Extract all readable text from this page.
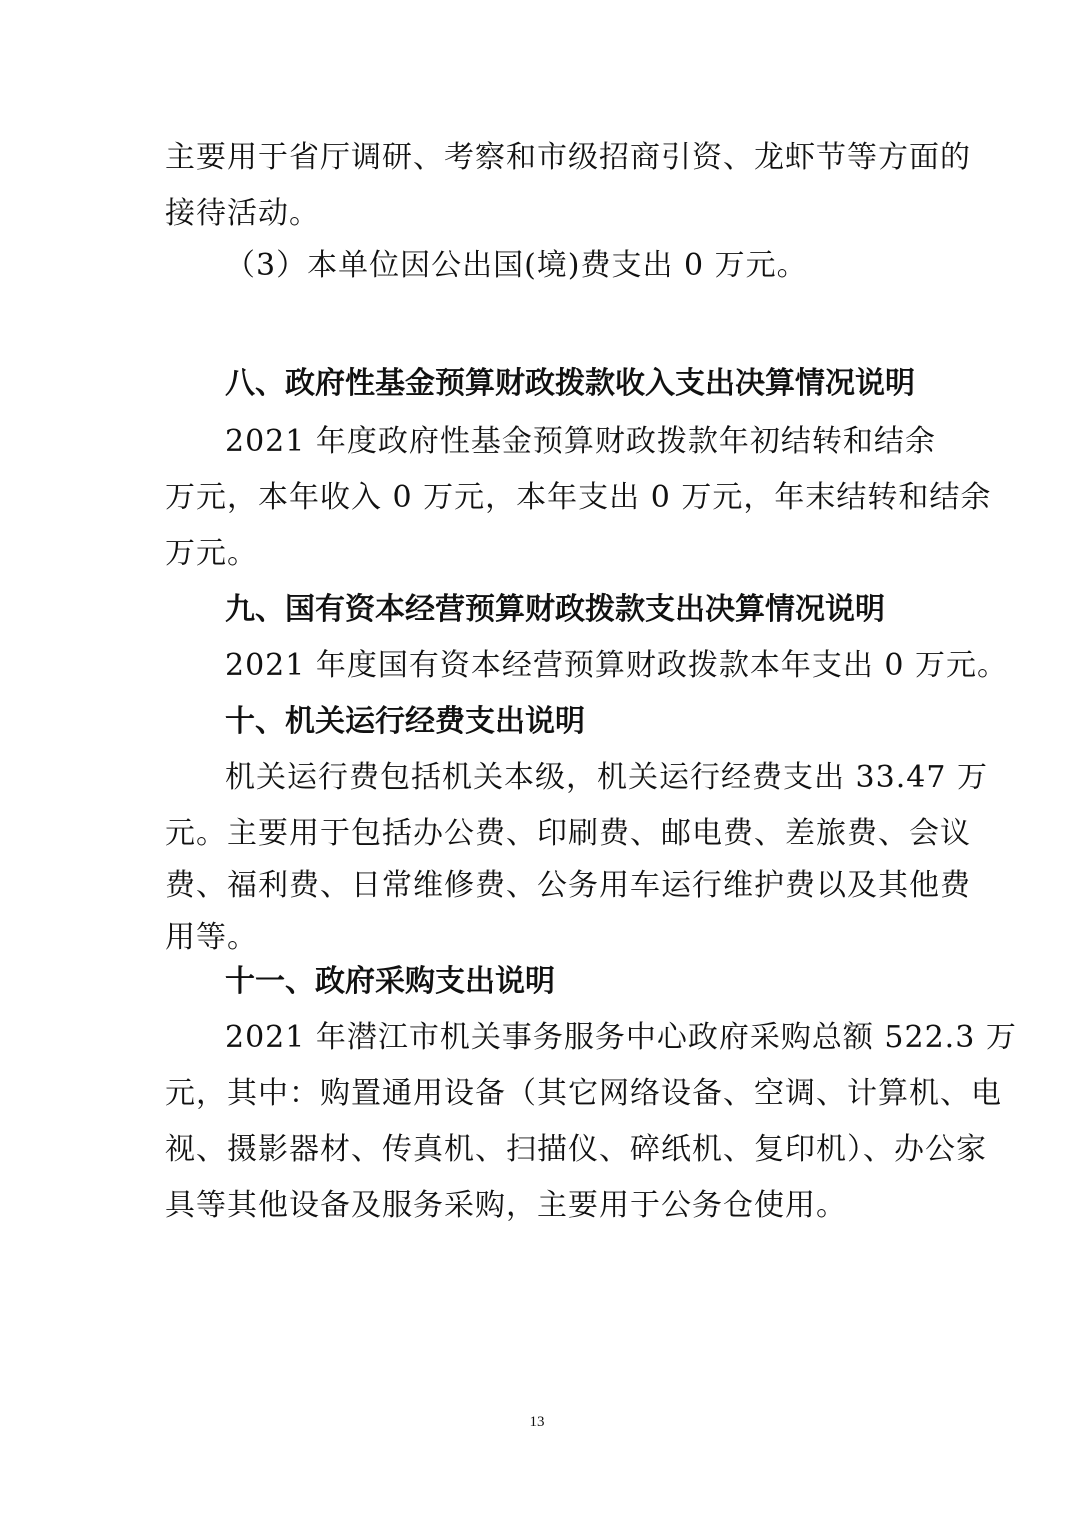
主要用于省厅调研、考察和市级招商引资、龙虾节等方面的
接待活动。
（3）本单位因公出国(境)费支出 0 万元。
八、政府性基金预算财政拨款收入支出决算情况说明
2021 年度政府性基金预算财政拨款年初结转和结余
万元，本年收入 0 万元，本年支出 0 万元，年末结转和结余
万元。
九、国有资本经营预算财政拨款支出决算情况说明
2021 年度国有资本经营预算财政拨款本年支出 0 万元。
十、机关运行经费支出说明
机关运行费包括机关本级，机关运行经费支出 33.47 万
元。主要用于包括办公费、印刷费、邮电费、差旅费、会议
费、福利费、日常维修费、公务用车运行维护费以及其他费
用等。
十一、政府采购支出说明
2021 年潜江市机关事务服务中心政府采购总额 522.3 万
元，其中：购置通用设备（其它网络设备、空调、计算机、电
视、摄影器材、传真机、扫描仪、碎纸机、复印机）、办公家
具等其他设备及服务采购，主要用于公务仓使用。
13
